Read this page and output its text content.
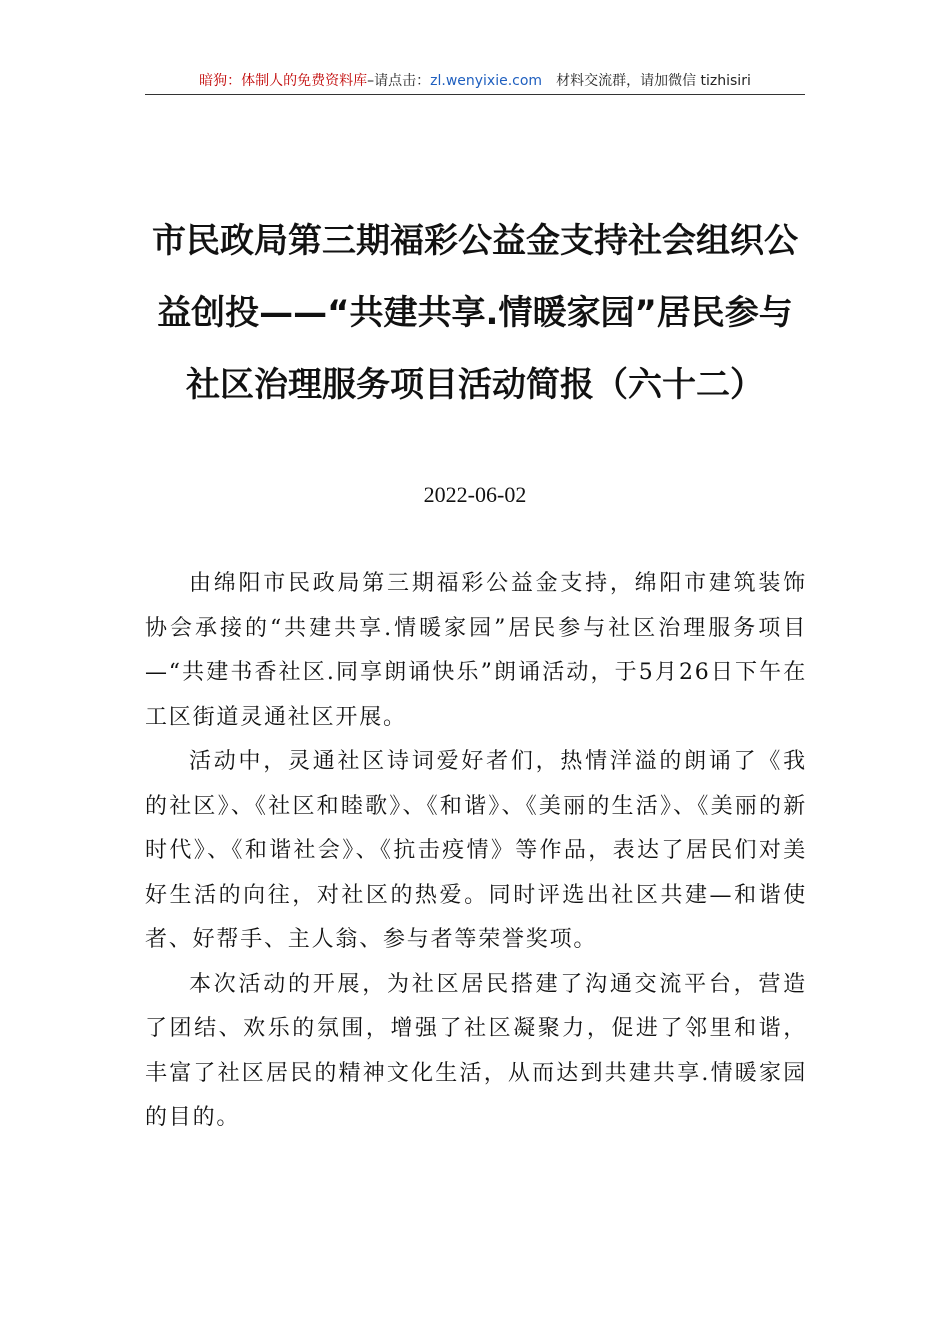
暗狗：体制人的免费资料库–请点击：zl.wenyixie.com 材料交流群，请加微信 tizhisiri
市民政局第三期福彩公益金支持社会组织公益创投——“共建共享.情暖家园”居民参与社区治理服务项目活动简报（六十二）
2022-06-02

由绵阳市民政局第三期福彩公益金支持，绵阳市建筑装饰协会承接的“共建共享.情暖家园”居民参与社区治理服务项目—“共建书香社区.同享朗诵快乐”朗诵活动，于5月26日下午在工区街道灵通社区开展。

活动中，灵通社区诗词爱好者们，热情洋溢的朗诵了《我的社区》、《社区和睦歌》、《和谐》、《美丽的生活》、《美丽的新时代》、《和谐社会》、《抗击疫情》等作品，表达了居民们对美好生活的向往，对社区的热爱。同时评选出社区共建—和谐使者、好帮手、主人翁、参与者等荣誉奖项。

本次活动的开展，为社区居民搭建了沟通交流平台，营造了团结、欢乐的氛围，增强了社区凝聚力，促进了邻里和谐，丰富了社区居民的精神文化生活，从而达到共建共享.情暖家园的目的。
